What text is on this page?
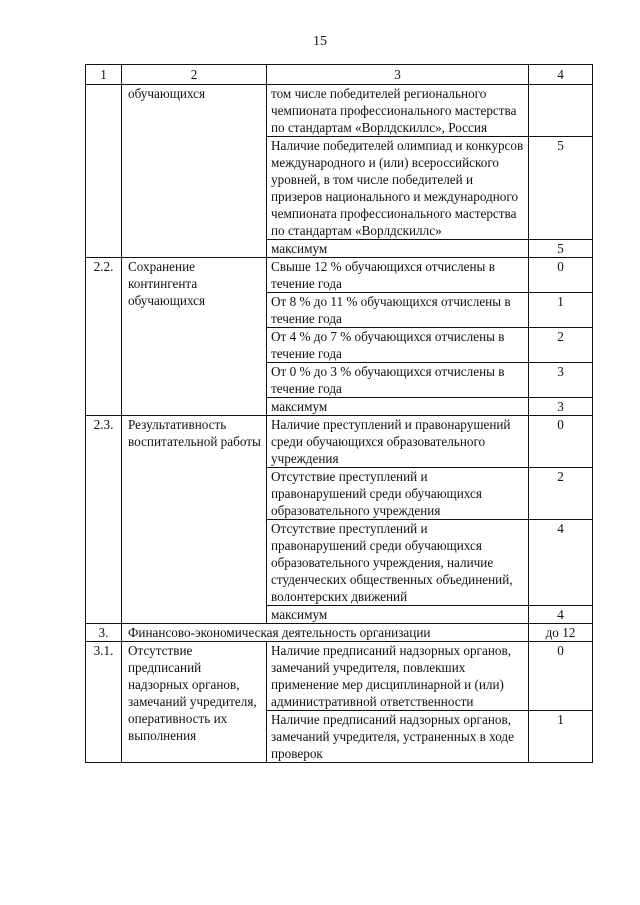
15
1	2	3	4
	обучающихся	том числе победителей регионального чемпионата профессионального мастерства по стандартам «Ворлдскиллс», Россия	
		Наличие победителей олимпиад и конкурсов международного и (или) всероссийского уровней, в том числе победителей и призеров национального и международного чемпионата профессионального мастерства по стандартам «Ворлдскиллс»	5
		максимум	5
2.2.	Сохранение контингента обучающихся	Свыше 12 % обучающихся отчислены в течение года	0
		От 8 % до 11 % обучающихся отчислены в течение года	1
		От 4 % до 7 % обучающихся отчислены в течение года	2
		От 0 % до 3 % обучающихся отчислены в течение года	3
		максимум	3
2.3.	Результативность воспитательной работы	Наличие преступлений и правонарушений среди обучающихся образовательного учреждения	0
		Отсутствие преступлений и правонарушений среди обучающихся образовательного учреждения	2
		Отсутствие преступлений и правонарушений среди обучающихся образовательного учреждения, наличие студенческих общественных объединений, волонтерских движений	4
		максимум	4
3.	Финансово-экономическая деятельность организации		до 12
3.1.	Отсутствие предписаний надзорных органов, замечаний учредителя, оперативность их выполнения	Наличие предписаний надзорных органов, замечаний учредителя, повлекших применение мер дисциплинарной и (или) административной ответственности	0
		Наличие предписаний надзорных органов, замечаний учредителя, устраненных в ходе проверок	1
